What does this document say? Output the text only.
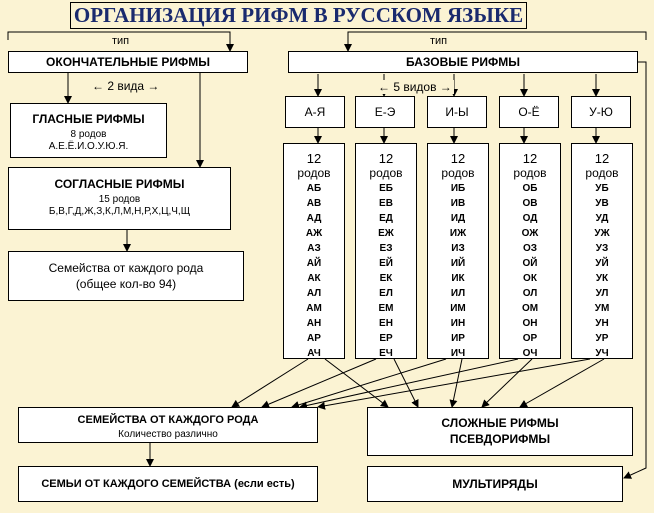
ОРГАНИЗАЦИЯ РИФМ В РУССКОМ ЯЗЫКЕ
тип
ОКОНЧАТЕЛЬНЫЕ РИФМЫ
← 2 вида →
ГЛАСНЫЕ РИФМЫ
8 родов
А.Е.Ё.И.О.У.Ю.Я.
СОГЛАСНЫЕ РИФМЫ
15 родов
Б,В,Г,Д,Ж,З,К,Л,М,Н,Р,Х,Ц,Ч,Щ
Семейства от каждого рода
(общее кол-во 94)
тип
БАЗОВЫЕ РИФМЫ
← 5 видов →
А-Я	Е-Э	И-Ы	О-Ё	У-Ю
12
родов
АБ
АВ
АД
АЖ
АЗ
АЙ
АК
АЛ
АМ
АН
АР
АЧ
12
родов
ЕБ
ЕВ
ЕД
ЕЖ
ЕЗ
ЕЙ
ЕК
ЕЛ
ЕМ
ЕН
ЕР
ЕЧ
12
родов
ИБ
ИВ
ИД
ИЖ
ИЗ
ИЙ
ИК
ИЛ
ИМ
ИН
ИР
ИЧ
12
родов
ОБ
ОВ
ОД
ОЖ
ОЗ
ОЙ
ОК
ОЛ
ОМ
ОН
ОР
ОЧ
12
родов
УБ
УВ
УД
УЖ
УЗ
УЙ
УК
УЛ
УМ
УН
УР
УЧ
СЕМЕЙСТВА ОТ КАЖДОГО РОДА
Количество различно
СЛОЖНЫЕ РИФМЫ
ПСЕВДОРИФМЫ
СЕМЬИ ОТ КАЖДОГО СЕМЕЙСТВА (если есть)	МУЛЬТИРЯДЫ
